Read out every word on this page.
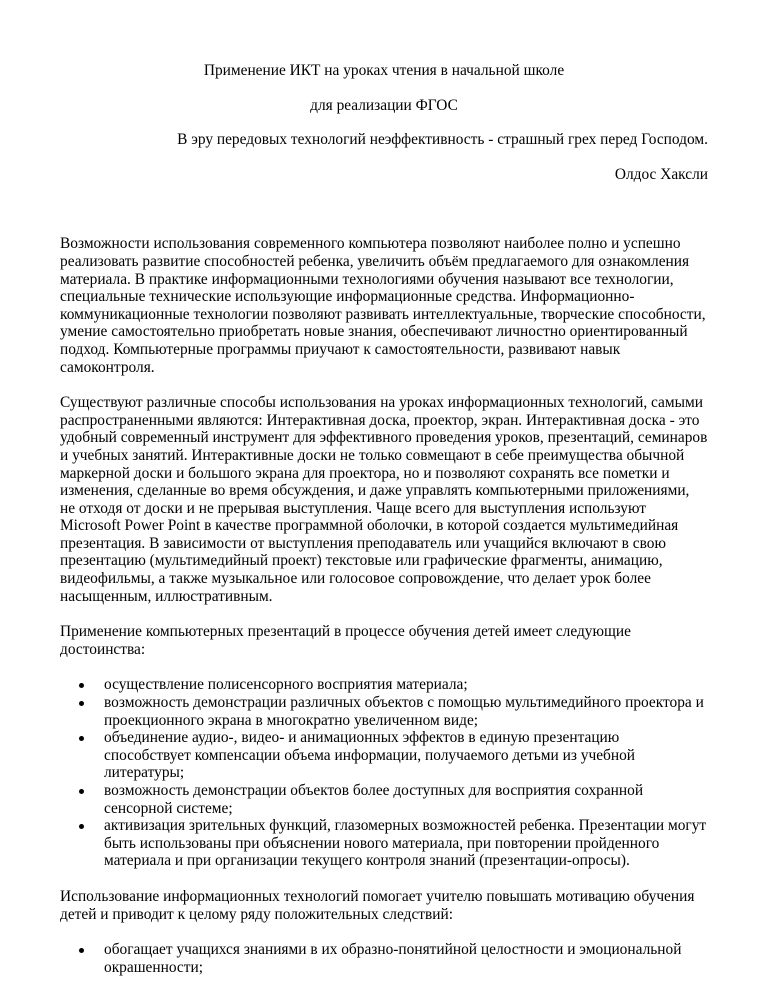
Применение ИКТ на уроках чтения в начальной школе

для реализации ФГОС

В эру передовых технологий неэффективность - страшный грех перед Господом.

Олдос Хаксли

Возможности использования современного компьютера позволяют наиболее полно и успешно реализовать развитие способностей ребенка, увеличить объём предлагаемого для ознакомления материала. В практике информационными технологиями обучения называют все технологии, специальные технические использующие информационные средства. Информационно-коммуникационные технологии позволяют развивать интеллектуальные, творческие способности, умение самостоятельно приобретать новые знания, обеспечивают личностно ориентированный подход. Компьютерные программы приучают к самостоятельности, развивают навык самоконтроля.

Существуют различные способы использования на уроках информационных технологий, самыми распространенными являются: Интерактивная доска, проектор, экран. Интерактивная доска - это удобный современный инструмент для эффективного проведения уроков, презентаций, семинаров и учебных занятий. Интерактивные доски не только совмещают в себе преимущества обычной маркерной доски и большого экрана для проектора, но и позволяют сохранять все пометки и изменения, сделанные во время обсуждения, и даже управлять компьютерными приложениями, не отходя от доски и не прерывая выступления. Чаще всего для выступления используют Microsoft Power Point в качестве программной оболочки, в которой создается мультимедийная презентация. В зависимости от выступления преподаватель или учащийся включают в свою презентацию (мультимедийный проект) текстовые или графические фрагменты, анимацию, видеофильмы, а также музыкальное или голосовое сопровождение, что делает урок более насыщенным, иллюстративным.

Применение компьютерных презентаций в процессе обучения детей имеет следующие достоинства:

осуществление полисенсорного восприятия материала;
возможность демонстрации различных объектов с помощью мультимедийного проектора и проекционного экрана в многократно увеличенном виде;
объединение аудио-, видео- и анимационных эффектов в единую презентацию способствует компенсации объема информации, получаемого детьми из учебной литературы;
возможность демонстрации объектов более доступных для восприятия сохранной сенсорной системе;
активизация зрительных функций, глазомерных возможностей ребенка. Презентации могут быть использованы при объяснении нового материала, при повторении пройденного материала и при организации текущего контроля знаний (презентации-опросы).

Использование информационных технологий помогает учителю повышать мотивацию обучения детей и приводит к целому ряду положительных следствий:

обогащает учащихся знаниями в их образно-понятийной целостности и эмоциональной окрашенности;
